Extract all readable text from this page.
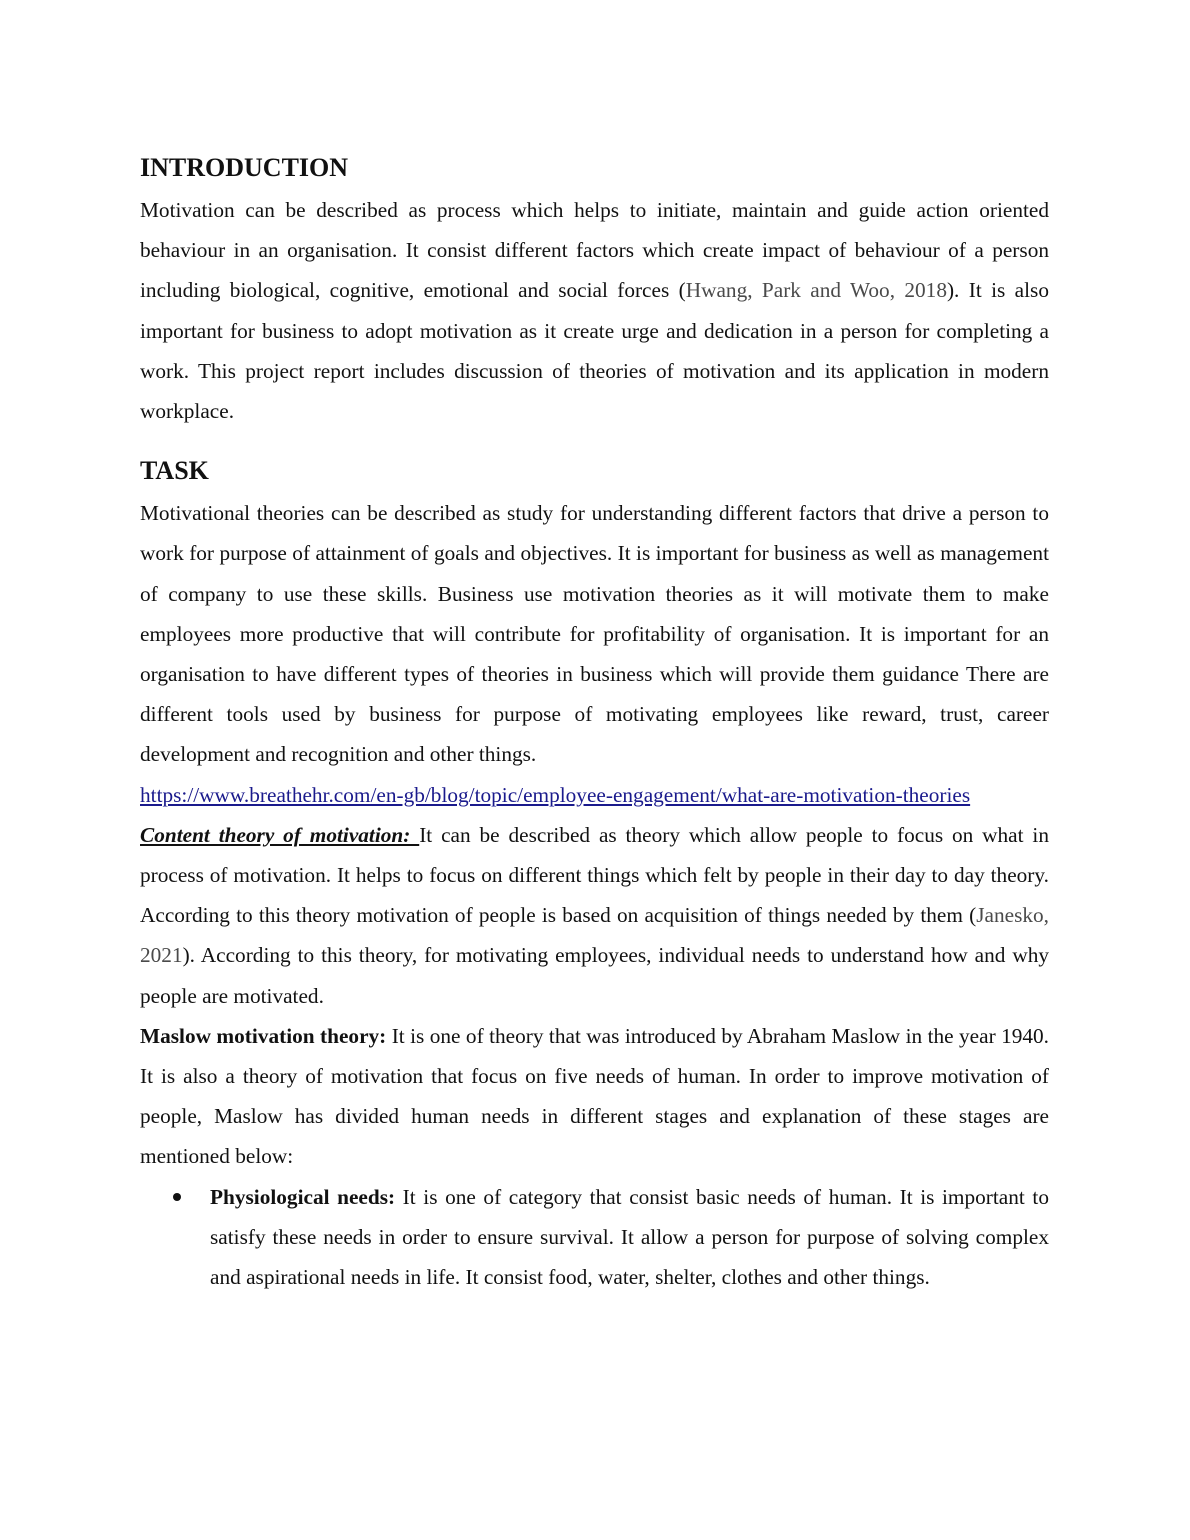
INTRODUCTION

Motivation can be described as process which helps to initiate, maintain and guide action oriented behaviour in an organisation. It consist different factors which create impact of behaviour of a person including biological, cognitive, emotional and social forces (Hwang, Park and Woo, 2018). It is also important for business to adopt motivation as it create urge and dedication in a person for completing a work. This project report includes discussion of theories of motivation and its application in modern workplace.

TASK

Motivational theories can be described as study for understanding different factors that drive a person to work for purpose of attainment of goals and objectives. It is important for business as well as management of company to use these skills. Business use motivation theories as it will motivate them to make employees more productive that will contribute for profitability of organisation. It is important for an organisation to have different types of theories in business which will provide them guidance There are different tools used by business for purpose of motivating employees like reward, trust, career development and recognition and other things.

https://www.breathehr.com/en-gb/blog/topic/employee-engagement/what-are-motivation-theories

Content theory of motivation: It can be described as theory which allow people to focus on what in process of motivation. It helps to focus on different things which felt by people in their day to day theory. According to this theory motivation of people is based on acquisition of things needed by them (Janesko, 2021). According to this theory, for motivating employees, individual needs to understand how and why people are motivated.

Maslow motivation theory: It is one of theory that was introduced by Abraham Maslow in the year 1940. It is also a theory of motivation that focus on five needs of human. In order to improve motivation of people, Maslow has divided human needs in different stages and explanation of these stages are mentioned below:

Physiological needs: It is one of category that consist basic needs of human. It is important to satisfy these needs in order to ensure survival. It allow a person for purpose of solving complex and aspirational needs in life. It consist food, water, shelter, clothes and other things.
